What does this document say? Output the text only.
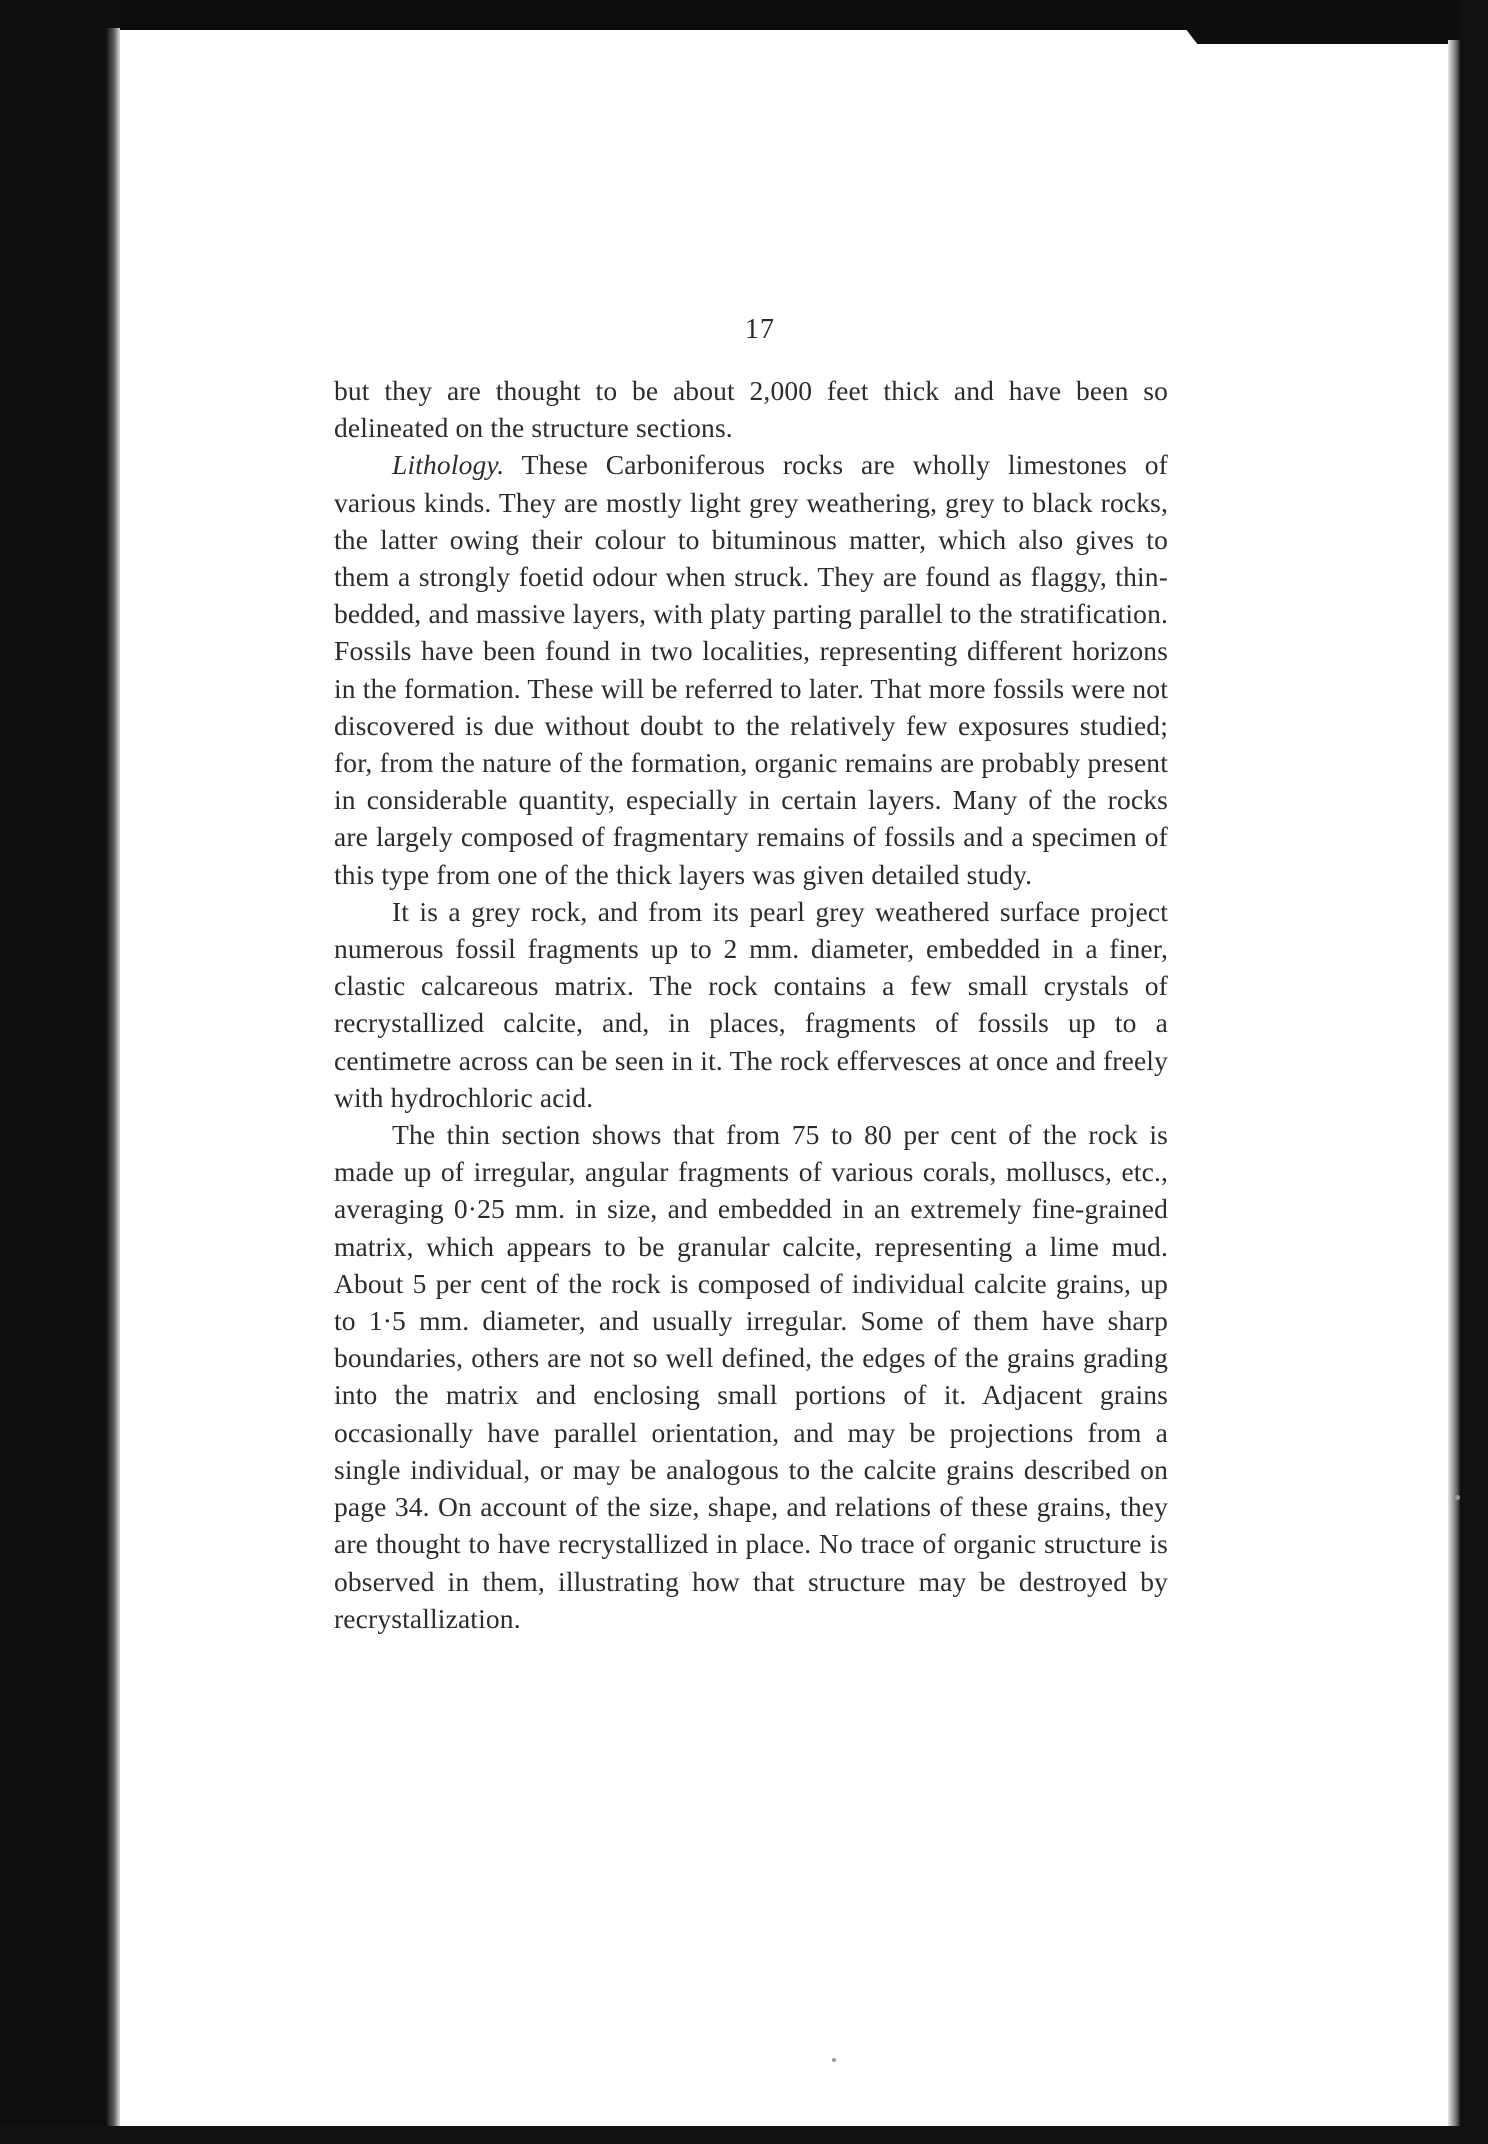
17

but they are thought to be about 2,000 feet thick and have been so delineated on the structure sections.

Lithology. These Carboniferous rocks are wholly limestones of various kinds. They are mostly light grey weathering, grey to black rocks, the latter owing their colour to bituminous matter, which also gives to them a strongly foetid odour when struck. They are found as flaggy, thin-bedded, and massive layers, with platy parting parallel to the stratification. Fossils have been found in two localities, representing different horizons in the formation. These will be referred to later. That more fossils were not discovered is due without doubt to the relatively few exposures studied; for, from the nature of the formation, organic remains are probably present in considerable quantity, especially in certain layers. Many of the rocks are largely composed of fragmentary remains of fossils and a specimen of this type from one of the thick layers was given detailed study.

It is a grey rock, and from its pearl grey weathered surface project numerous fossil fragments up to 2 mm. diameter, embedded in a finer, clastic calcareous matrix. The rock contains a few small crystals of recrystallized calcite, and, in places, fragments of fossils up to a centimetre across can be seen in it. The rock effervesces at once and freely with hydrochloric acid.

The thin section shows that from 75 to 80 per cent of the rock is made up of irregular, angular fragments of various corals, molluscs, etc., averaging 0·25 mm. in size, and embedded in an extremely fine-grained matrix, which appears to be granular calcite, representing a lime mud. About 5 per cent of the rock is composed of individual calcite grains, up to 1·5 mm. diameter, and usually irregular. Some of them have sharp boundaries, others are not so well defined, the edges of the grains grading into the matrix and enclosing small portions of it. Adjacent grains occasionally have parallel orientation, and may be projections from a single individual, or may be analogous to the calcite grains described on page 34. On account of the size, shape, and relations of these grains, they are thought to have recrystallized in place. No trace of organic structure is observed in them, illustrating how that structure may be destroyed by recrystallization.
